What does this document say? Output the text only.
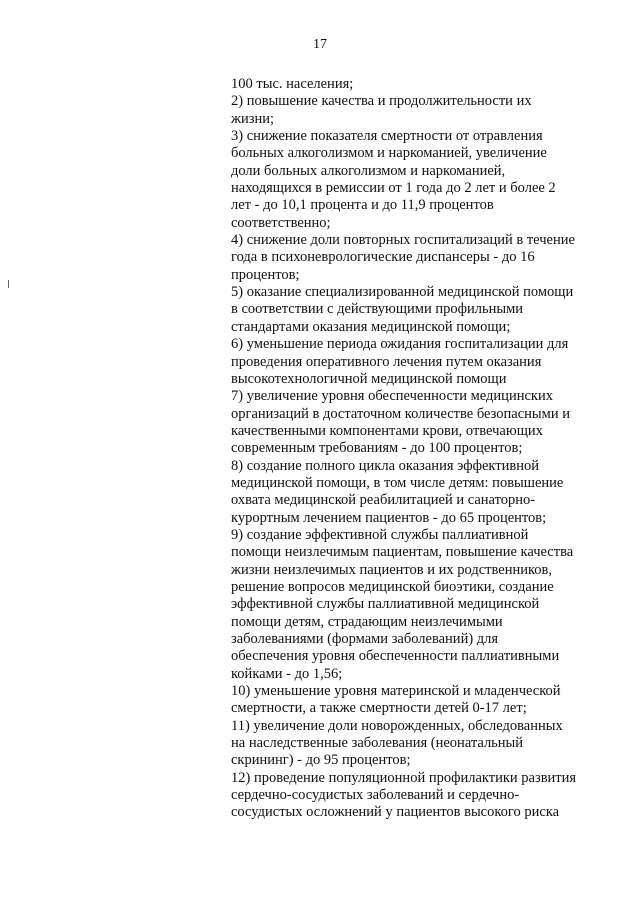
17
100 тыс. населения;
2) повышение качества и продолжительности их
жизни;
3) снижение показателя смертности от отравления
больных алкоголизмом и наркоманией, увеличение
доли больных алкоголизмом и наркоманией,
находящихся в ремиссии от 1 года до 2 лет и более 2
лет - до 10,1 процента и до 11,9 процентов
соответственно;
4) снижение доли повторных госпитализаций в течение
года в психоневрологические диспансеры - до 16
процентов;
5) оказание специализированной медицинской помощи
в соответствии с действующими профильными
стандартами оказания медицинской помощи;
6) уменьшение периода ожидания госпитализации для
проведения оперативного лечения путем оказания
высокотехнологичной медицинской помощи
7) увеличение уровня обеспеченности медицинских
организаций в достаточном количестве безопасными и
качественными компонентами крови, отвечающих
современным требованиям - до 100 процентов;
8) создание полного цикла оказания эффективной
медицинской помощи, в том числе детям: повышение
охвата медицинской реабилитацией и санаторно-
курортным лечением пациентов - до 65 процентов;
9) создание эффективной службы паллиативной
помощи неизлечимым пациентам, повышение качества
жизни неизлечимых пациентов и их родственников,
решение вопросов медицинской биоэтики, создание
эффективной службы паллиативной медицинской
помощи детям, страдающим неизлечимыми
заболеваниями (формами заболеваний) для
обеспечения уровня обеспеченности паллиативными
койками - до 1,56;
10) уменьшение уровня материнской и младенческой
смертности, а также смертности детей 0-17 лет;
11) увеличение доли новорожденных, обследованных
на наследственные заболевания (неонатальный
скрининг) - до 95 процентов;
12) проведение популяционной профилактики развития
сердечно-сосудистых заболеваний и сердечно-
сосудистых осложнений у пациентов высокого риска
